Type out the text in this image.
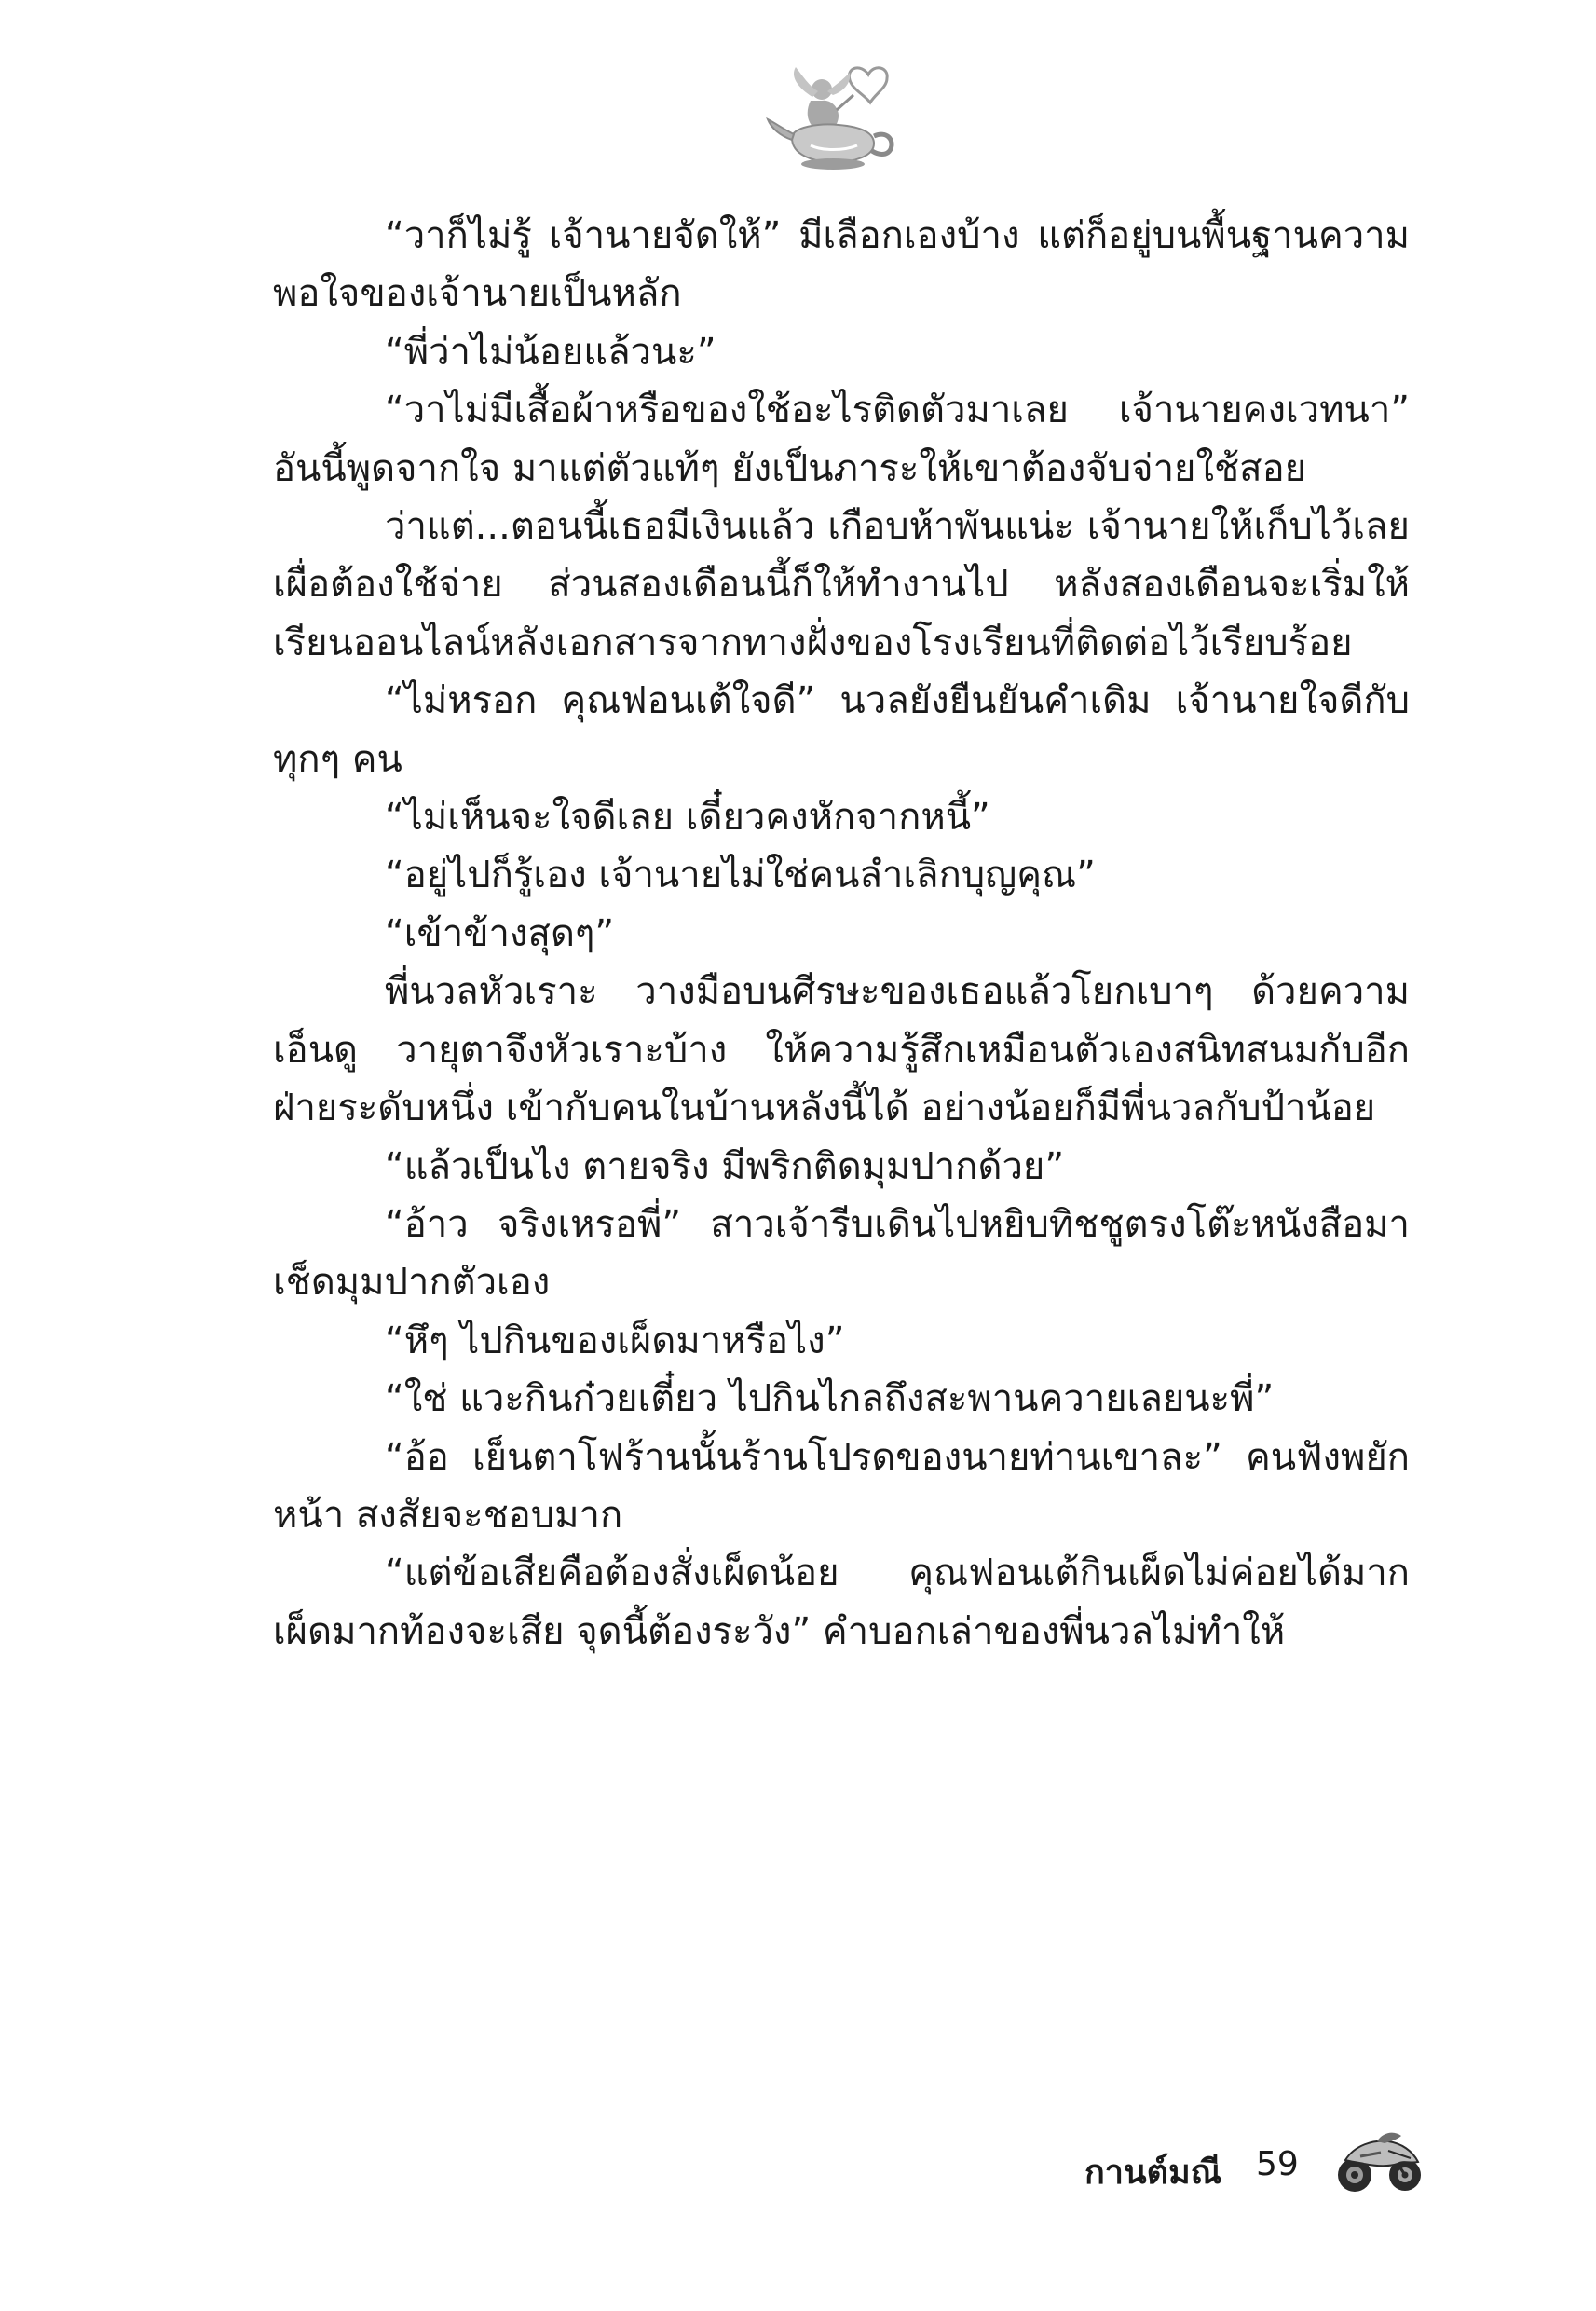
“วาก็ไม่รู้ เจ้านายจัดให้” มีเลือกเองบ้าง แต่ก็อยู่บนพื้นฐานความพอใจของเจ้านายเป็นหลัก

“พี่ว่าไม่น้อยแล้วนะ”

“วาไม่มีเสื้อผ้าหรือของใช้อะไรติดตัวมาเลย เจ้านายคงเวทนา” อันนี้พูดจากใจ มาแต่ตัวแท้ๆ ยังเป็นภาระให้เขาต้องจับจ่ายใช้สอย

ว่าแต่...ตอนนี้เธอมีเงินแล้ว เกือบห้าพันแน่ะ เจ้านายให้เก็บไว้เลยเผื่อต้องใช้จ่าย ส่วนสองเดือนนี้ก็ให้ทำงานไป หลังสองเดือนจะเริ่มให้เรียนออนไลน์หลังเอกสารจากทางฝั่งของโรงเรียนที่ติดต่อไว้เรียบร้อย

“ไม่หรอก คุณฟอนเต้ใจดี” นวลยังยืนยันคำเดิม เจ้านายใจดีกับทุกๆ คน

“ไม่เห็นจะใจดีเลย เดี๋ยวคงหักจากหนี้”

“อยู่ไปก็รู้เอง เจ้านายไม่ใช่คนลำเลิกบุญคุณ”

“เข้าข้างสุดๆ”

พี่นวลหัวเราะ วางมือบนศีรษะของเธอแล้วโยกเบาๆ ด้วยความเอ็นดู วายุตาจึงหัวเราะบ้าง ให้ความรู้สึกเหมือนตัวเองสนิทสนมกับอีกฝ่ายระดับหนึ่ง เข้ากับคนในบ้านหลังนี้ได้ อย่างน้อยก็มีพี่นวลกับป้าน้อย

“แล้วเป็นไง ตายจริง มีพริกติดมุมปากด้วย”

“อ้าว จริงเหรอพี่” สาวเจ้ารีบเดินไปหยิบทิชชูตรงโต๊ะหนังสือมาเช็ดมุมปากตัวเอง

“หึๆ ไปกินของเผ็ดมาหรือไง”

“ใช่ แวะกินก๋วยเตี๋ยว ไปกินไกลถึงสะพานควายเลยนะพี่”

“อ้อ เย็นตาโฟร้านนั้นร้านโปรดของนายท่านเขาละ” คนฟังพยักหน้า สงสัยจะชอบมาก

“แต่ข้อเสียคือต้องสั่งเผ็ดน้อย คุณฟอนเต้กินเผ็ดไม่ค่อยได้มาก เผ็ดมากท้องจะเสีย จุดนี้ต้องระวัง” คำบอกเล่าของพี่นวลไม่ทำให้

กานต์มณี 59
